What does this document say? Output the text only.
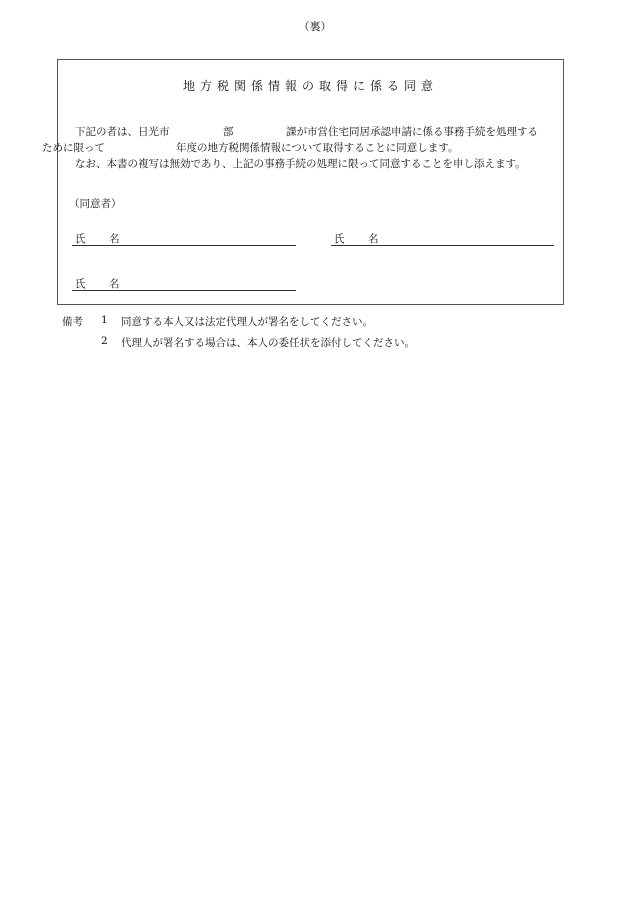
（裏）
地方税関係情報の取得に係る同意
下記の者は、日光市	部	課が市営住宅同居承認申請に係る事務手続を処理する
ために限って	年度の地方税関係情報について取得することに同意します。
なお、本書の複写は無効であり、上記の事務手続の処理に限って同意することを申し添えます。
（同意者）
氏 名	氏 名
氏 名
備考 1 同意する本人又は法定代理人が署名をしてください。
2 代理人が署名する場合は、本人の委任状を添付してください。
